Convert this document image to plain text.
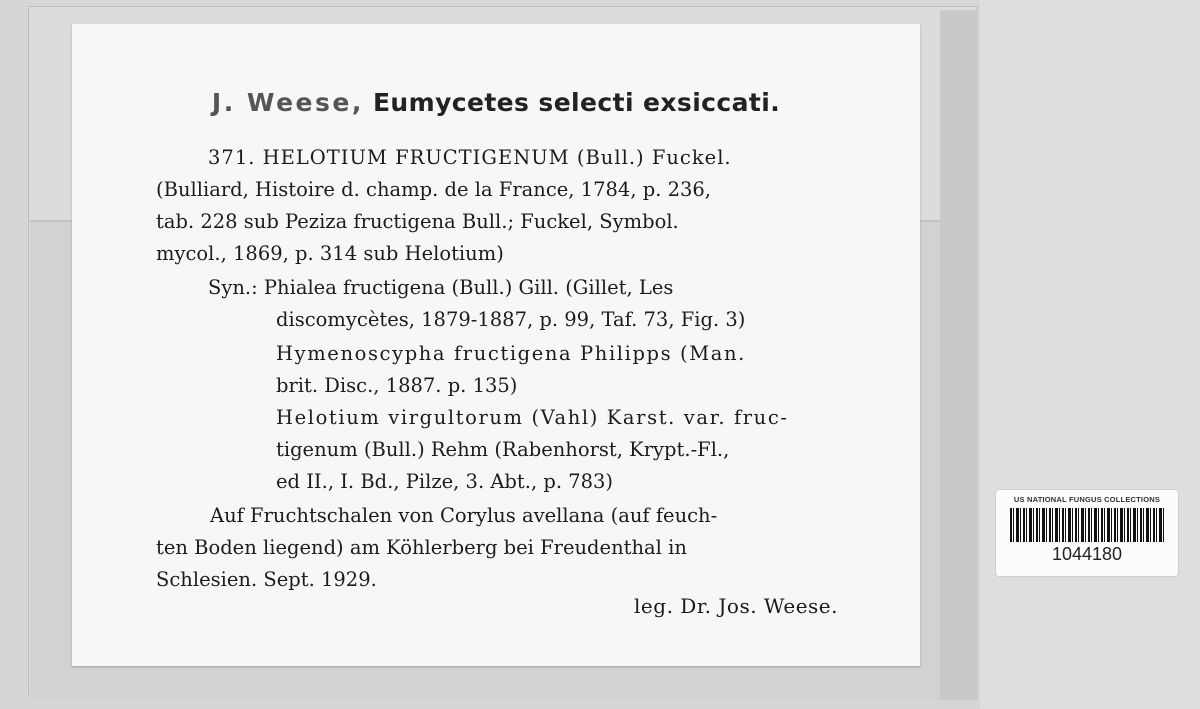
J. Weese, Eumycetes selecti exsiccati.
371. HELOTIUM FRUCTIGENUM (Bull.) Fuckel.
(Bulliard, Histoire d. champ. de la France, 1784, p. 236,
tab. 228 sub Peziza fructigena Bull.; Fuckel, Symbol.
mycol., 1869, p. 314 sub Helotium)
Syn.: Phialea fructigena (Bull.) Gill. (Gillet, Les
discomycètes, 1879-1887, p. 99, Taf. 73, Fig. 3)
Hymenoscypha fructigena Philipps (Man.
brit. Disc., 1887. p. 135)
Helotium virgultorum (Vahl) Karst. var. fruc-
tigenum (Bull.) Rehm (Rabenhorst, Krypt.-Fl.,
ed II., I. Bd., Pilze, 3. Abt., p. 783)
Auf Fruchtschalen von Corylus avellana (auf feuch-
ten Boden liegend) am Köhlerberg bei Freudenthal in
Schlesien. Sept. 1929.
leg. Dr. Jos. Weese.
US NATIONAL FUNGUS COLLECTIONS
1044180
